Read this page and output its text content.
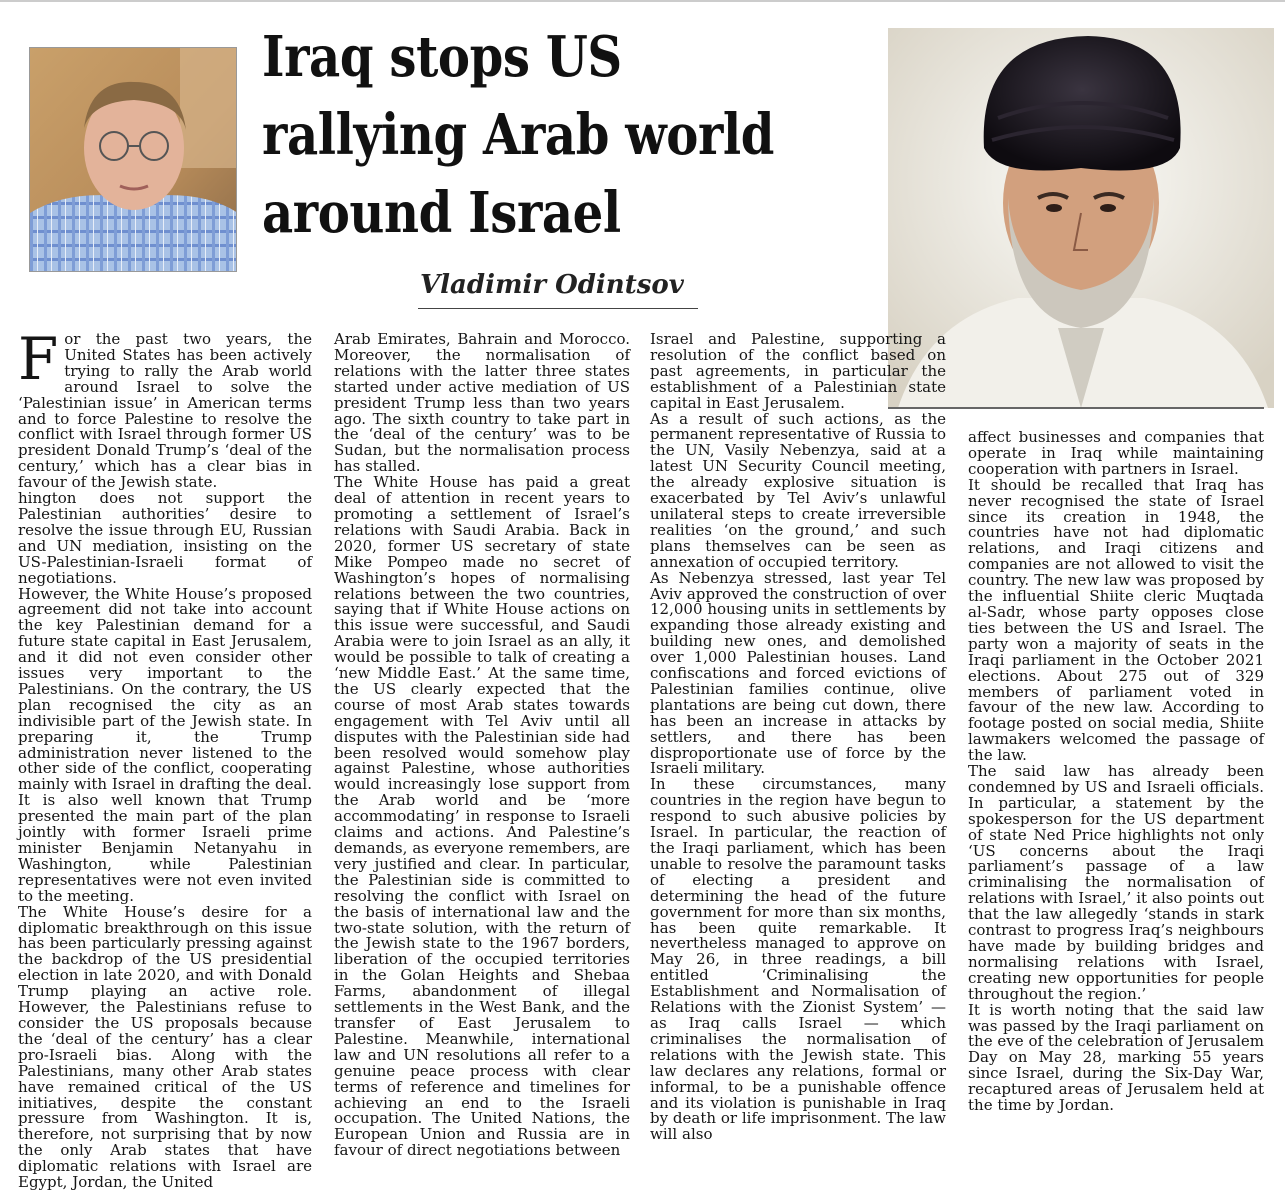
Iraq stops US rallying Arab world around Israel
Vladimir Odintsov

For the past two years, the United States has been actively trying to rally the Arab world around Israel to solve the ‘Palestinian issue’ in American terms and to force Palestine to resolve the conflict with Israel through former US president Donald Trump’s ‘deal of the century,’ which has a clear bias in favour of the Jewish state.

hington does not support the Palestinian authorities’ desire to resolve the issue through EU, Russian and UN mediation, insisting on the US-Palestinian-Israeli format of negotiations.

However, the White House’s proposed agreement did not take into account the key Palestinian demand for a future state capital in East Jerusalem, and it did not even consider other issues very important to the Palestinians. On the contrary, the US plan recognised the city as an indivisible part of the Jewish state. In preparing it, the Trump administration never listened to the other side of the conflict, cooperating mainly with Israel in drafting the deal. It is also well known that Trump presented the main part of the plan jointly with former Israeli prime minister Benjamin Netanyahu in Washington, while Palestinian representatives were not even invited to the meeting.

The White House’s desire for a diplomatic breakthrough on this issue has been particularly pressing against the backdrop of the US presidential election in late 2020, and with Donald Trump playing an active role. However, the Palestinians refuse to consider the US proposals because the ‘deal of the century’ has a clear pro-Israeli bias. Along with the Palestinians, many other Arab states have remained critical of the US initiatives, despite the constant pressure from Washington. It is, therefore, not surprising that by now the only Arab states that have diplomatic relations with Israel are Egypt, Jordan, the United

Arab Emirates, Bahrain and Morocco. Moreover, the normalisation of relations with the latter three states started under active mediation of US president Trump less than two years ago. The sixth country to take part in the ‘deal of the century’ was to be Sudan, but the normalisation process has stalled.

The White House has paid a great deal of attention in recent years to promoting a settlement of Israel’s relations with Saudi Arabia. Back in 2020, former US secretary of state Mike Pompeo made no secret of Washington’s hopes of normalising relations between the two countries, saying that if White House actions on this issue were successful, and Saudi Arabia were to join Israel as an ally, it would be possible to talk of creating a ‘new Middle East.’ At the same time, the US clearly expected that the course of most Arab states towards engagement with Tel Aviv until all disputes with the Palestinian side had been resolved would somehow play against Palestine, whose authorities would increasingly lose support from the Arab world and be ‘more accommodating’ in response to Israeli claims and actions. And Palestine’s demands, as everyone remembers, are very justified and clear. In particular, the Palestinian side is committed to resolving the conflict with Israel on the basis of international law and the two-state solution, with the return of the Jewish state to the 1967 borders, liberation of the occupied territories in the Golan Heights and Shebaa Farms, abandonment of illegal settlements in the West Bank, and the transfer of East Jerusalem to Palestine. Meanwhile, international law and UN resolutions all refer to a genuine peace process with clear terms of reference and timelines for achieving an end to the Israeli occupation. The United Nations, the European Union and Russia are in favour of direct negotiations between

Israel and Palestine, supporting a resolution of the conflict based on past agreements, in particular the establishment of a Palestinian state capital in East Jerusalem.

As a result of such actions, as the permanent representative of Russia to the UN, Vasily Nebenzya, said at a latest UN Security Council meeting, the already explosive situation is exacerbated by Tel Aviv’s unlawful unilateral steps to create irreversible realities ‘on the ground,’ and such plans themselves can be seen as annexation of occupied territory.

As Nebenzya stressed, last year Tel Aviv approved the construction of over 12,000 housing units in settlements by expanding those already existing and building new ones, and demolished over 1,000 Palestinian houses. Land confiscations and forced evictions of Palestinian families continue, olive plantations are being cut down, there has been an increase in attacks by settlers, and there has been disproportionate use of force by the Israeli military.

In these circumstances, many countries in the region have begun to respond to such abusive policies by Israel. In particular, the reaction of the Iraqi parliament, which has been unable to resolve the paramount tasks of electing a president and determining the head of the future government for more than six months, has been quite remarkable. It nevertheless managed to approve on May 26, in three readings, a bill entitled ‘Criminalising the Establishment and Normalisation of Relations with the Zionist System’ — as Iraq calls Israel — which criminalises the normalisation of relations with the Jewish state. This law declares any relations, formal or informal, to be a punishable offence and its violation is punishable in Iraq by death or life imprisonment. The law will also

affect businesses and companies that operate in Iraq while maintaining cooperation with partners in Israel.

It should be recalled that Iraq has never recognised the state of Israel since its creation in 1948, the countries have not had diplomatic relations, and Iraqi citizens and companies are not allowed to visit the country. The new law was proposed by the influential Shiite cleric Muqtada al-Sadr, whose party opposes close ties between the US and Israel. The party won a majority of seats in the Iraqi parliament in the October 2021 elections. About 275 out of 329 members of parliament voted in favour of the new law. According to footage posted on social media, Shiite lawmakers welcomed the passage of the law.

The said law has already been condemned by US and Israeli officials. In particular, a statement by the spokesperson for the US department of state Ned Price highlights not only ‘US concerns about the Iraqi parliament’s passage of a law criminalising the normalisation of relations with Israel,’ it also points out that the law allegedly ‘stands in stark contrast to progress Iraq’s neighbours have made by building bridges and normalising relations with Israel, creating new opportunities for people throughout the region.’

It is worth noting that the said law was passed by the Iraqi parliament on the eve of the celebration of Jerusalem Day on May 28, marking 55 years since Israel, during the Six-Day War, recaptured areas of Jerusalem held at the time by Jordan.
